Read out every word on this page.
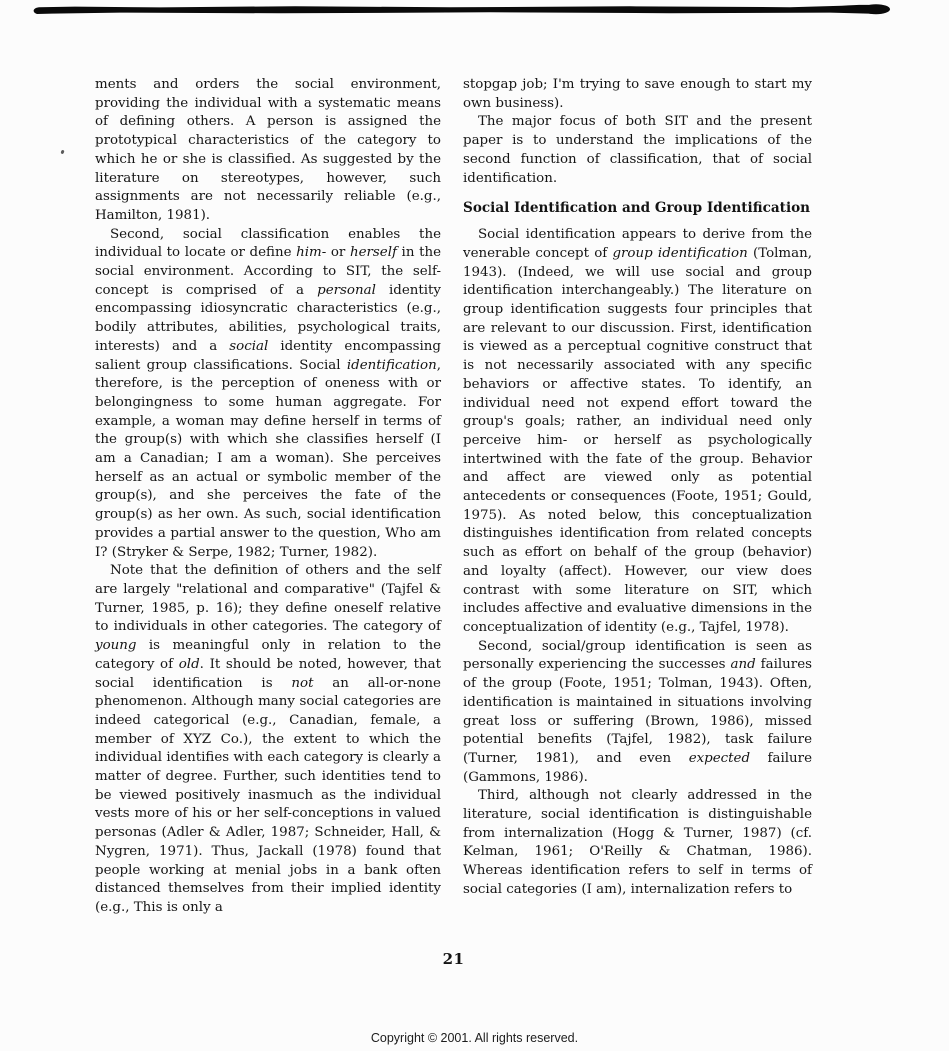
ments and orders the social environment, providing the individual with a systematic means of defining others. A person is assigned the prototypical characteristics of the category to which he or she is classified. As suggested by the literature on stereotypes, however, such assignments are not necessarily reliable (e.g., Hamilton, 1981).

Second, social classification enables the individual to locate or define him- or herself in the social environment. According to SIT, the self-concept is comprised of a personal identity encompassing idiosyncratic characteristics (e.g., bodily attributes, abilities, psychological traits, interests) and a social identity encompassing salient group classifications. Social identification, therefore, is the perception of oneness with or belongingness to some human aggregate. For example, a woman may define herself in terms of the group(s) with which she classifies herself (I am a Canadian; I am a woman). She perceives herself as an actual or symbolic member of the group(s), and she perceives the fate of the group(s) as her own. As such, social identification provides a partial answer to the question, Who am I? (Stryker & Serpe, 1982; Turner, 1982).

Note that the definition of others and the self are largely "relational and comparative" (Tajfel & Turner, 1985, p. 16); they define oneself relative to individuals in other categories. The category of young is meaningful only in relation to the category of old. It should be noted, however, that social identification is not an all-or-none phenomenon. Although many social categories are indeed categorical (e.g., Canadian, female, a member of XYZ Co.), the extent to which the individual identifies with each category is clearly a matter of degree. Further, such identities tend to be viewed positively inasmuch as the individual vests more of his or her self-conceptions in valued personas (Adler & Adler, 1987; Schneider, Hall, & Nygren, 1971). Thus, Jackall (1978) found that people working at menial jobs in a bank often distanced themselves from their implied identity (e.g., This is only a

stopgap job; I'm trying to save enough to start my own business).

The major focus of both SIT and the present paper is to understand the implications of the second function of classification, that of social identification.

Social Identification and Group Identification

Social identification appears to derive from the venerable concept of group identification (Tolman, 1943). (Indeed, we will use social and group identification interchangeably.) The literature on group identification suggests four principles that are relevant to our discussion. First, identification is viewed as a perceptual cognitive construct that is not necessarily associated with any specific behaviors or affective states. To identify, an individual need not expend effort toward the group's goals; rather, an individual need only perceive him- or herself as psychologically intertwined with the fate of the group. Behavior and affect are viewed only as potential antecedents or consequences (Foote, 1951; Gould, 1975). As noted below, this conceptualization distinguishes identification from related concepts such as effort on behalf of the group (behavior) and loyalty (affect). However, our view does contrast with some literature on SIT, which includes affective and evaluative dimensions in the conceptualization of identity (e.g., Tajfel, 1978).

Second, social/group identification is seen as personally experiencing the successes and failures of the group (Foote, 1951; Tolman, 1943). Often, identification is maintained in situations involving great loss or suffering (Brown, 1986), missed potential benefits (Tajfel, 1982), task failure (Turner, 1981), and even expected failure (Gammons, 1986).

Third, although not clearly addressed in the literature, social identification is distinguishable from internalization (Hogg & Turner, 1987) (cf. Kelman, 1961; O'Reilly & Chatman, 1986). Whereas identification refers to self in terms of social categories (I am), internalization refers to

21
Copyright © 2001. All rights reserved.
